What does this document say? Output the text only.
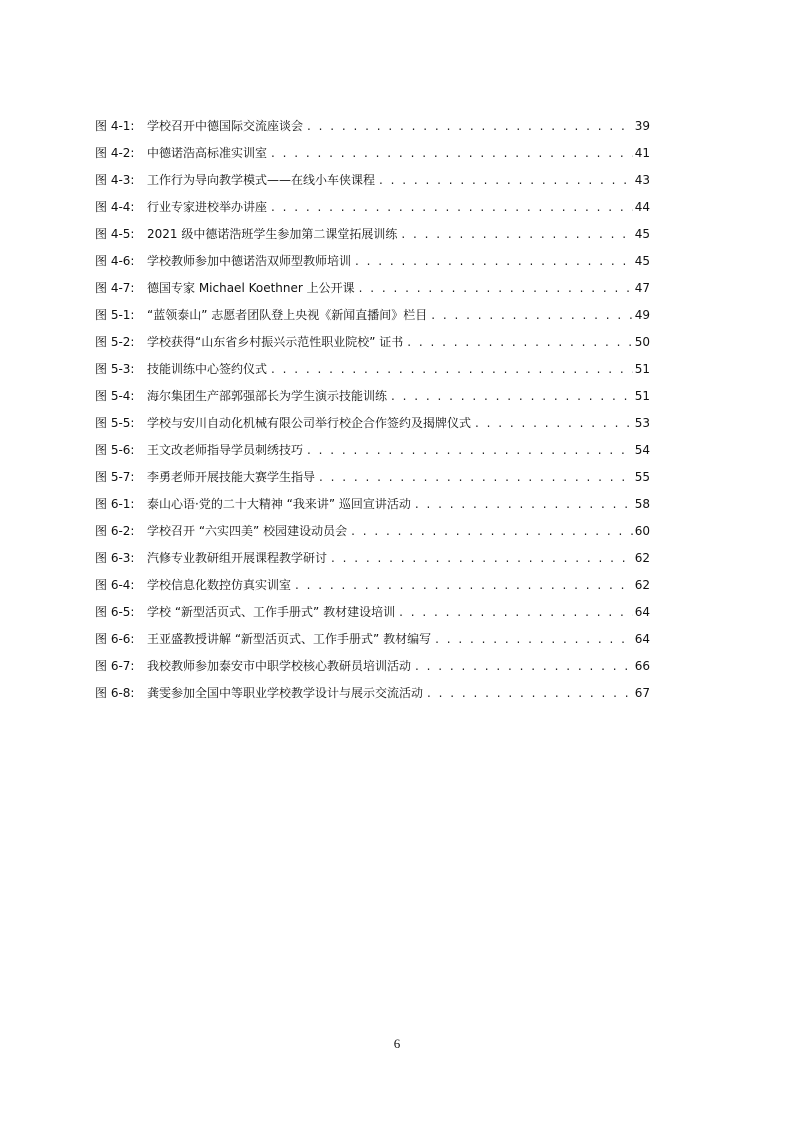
图 4-1:	学校召开中德国际交流座谈会 . . .	39
图 4-2:	中德诺浩高标准实训室 . . .	41
图 4-3:	工作行为导向教学模式——在线小车侠课程 . . .	43
图 4-4:	行业专家进校举办讲座 . . .	44
图 4-5:	2021 级中德诺浩班学生参加第二课堂拓展训练 . . .	45
图 4-6:	学校教师参加中德诺浩双师型教师培训 . . .	45
图 4-7:	德国专家 Michael Koethner 上公开课 . . .	47
图 5-1:	“蓝领泰山” 志愿者团队登上央视《新闻直播间》栏目 . . .	49
图 5-2:	学校获得“山东省乡村振兴示范性职业院校” 证书 . . .	50
图 5-3:	技能训练中心签约仪式 . . .	51
图 5-4:	海尔集团生产部郭强部长为学生演示技能训练 . . .	51
图 5-5:	学校与安川自动化机械有限公司举行校企合作签约及揭牌仪式 . . .	53
图 5-6:	王文改老师指导学员刺绣技巧 . . .	54
图 5-7:	李勇老师开展技能大赛学生指导 . . .	55
图 6-1:	泰山心语·党的二十大精神 “我来讲” 巡回宣讲活动 . . .	58
图 6-2:	学校召开 “六实四美” 校园建设动员会 . . .	60
图 6-3:	汽修专业教研组开展课程教学研讨 . . .	62
图 6-4:	学校信息化数控仿真实训室 . . .	62
图 6-5:	学校 “新型活页式、工作手册式” 教材建设培训 . . .	64
图 6-6:	王亚盛教授讲解 “新型活页式、工作手册式” 教材编写 . . .	64
图 6-7:	我校教师参加泰安市中职学校核心教研员培训活动 . . .	66
图 6-8:	龚雯参加全国中等职业学校教学设计与展示交流活动 . . .	67
6
